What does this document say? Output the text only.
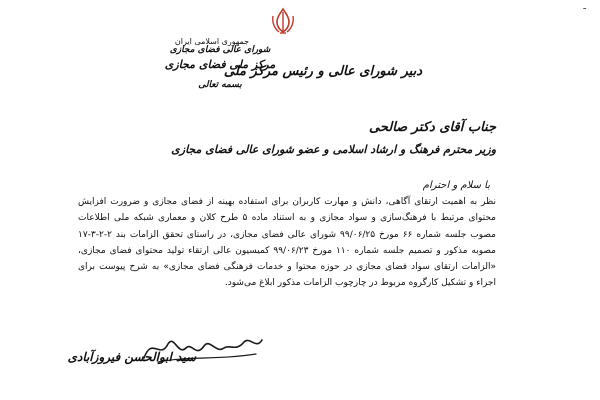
جمهوری اسلامی ایران
شورای عالی فضای مجازی
مرکز ملی فضای مجازی
بسمه تعالی
ـ
دبیر شورای عالی و رئیس مرکز ملی
جناب آقای دکتر صالحی
وزیر محترم فرهنگ و ارشاد اسلامی و عضو شورای عالی فضای مجازی
با سلام و احترام
نظر به اهمیت ارتقای آگاهی، دانش و مهارت کاربران برای استفاده بهینه از فضای مجازی و ضرورت افزایش محتوای مرتبط با فرهنگ‌سازی و سواد مجازی و به استناد ماده ۵ طرح کلان و معماری شبکه ملی اطلاعات مصوب جلسه شماره ۶۶ مورخ ۹۹/۰۶/۲۵ شورای عالی فضای مجازی، در راستای تحقق الزامات بند ۲-۲-۳-۱۷ مصوبه مذکور و تصمیم جلسه شماره ۱۱۰ مورخ ۹۹/۰۶/۲۳ کمیسیون عالی ارتقاء تولید محتوای فضای مجازی، «الزامات ارتقای سواد فضای مجازی در حوزه محتوا و خدمات فرهنگی فضای مجازی» به شرح پیوست برای اجراء و تشکیل کارگروه مربوط در چارچوب الزامات مذکور ابلاغ می‌شود.
سید ابوالحسن فیروزآبادی
